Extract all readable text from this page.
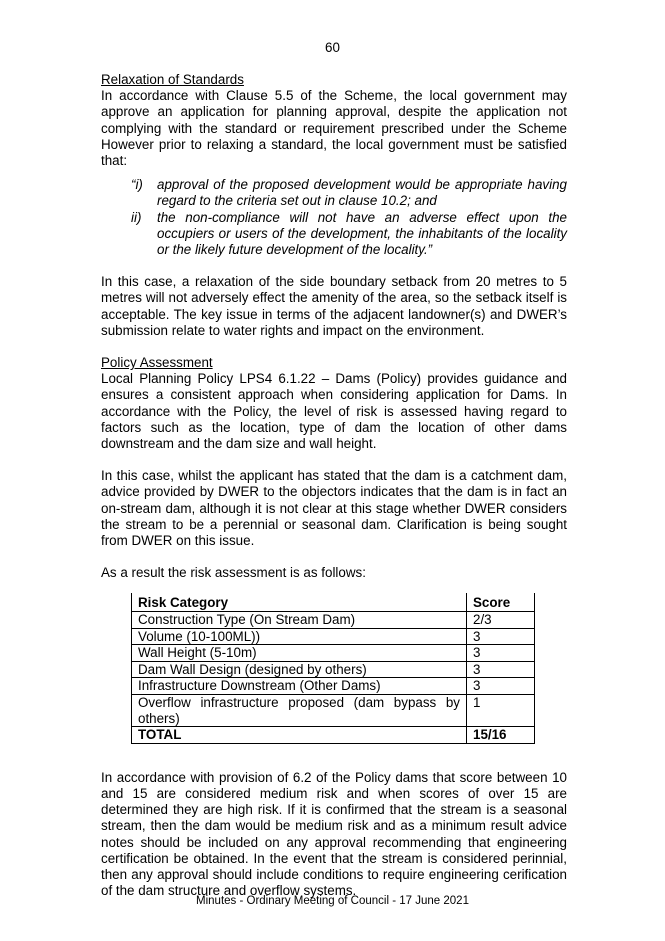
60

Relaxation of Standards

In accordance with Clause 5.5 of the Scheme, the local government may approve an application for planning approval, despite the application not complying with the standard or requirement prescribed under the Scheme However prior to relaxing a standard, the local government must be satisfied that:

“i) approval of the proposed development would be appropriate having regard to the criteria set out in clause 10.2; and
ii) the non-compliance will not have an adverse effect upon the occupiers or users of the development, the inhabitants of the locality or the likely future development of the locality.”

In this case, a relaxation of the side boundary setback from 20 metres to 5 metres will not adversely effect the amenity of the area, so the setback itself is acceptable. The key issue in terms of the adjacent landowner(s) and DWER’s submission relate to water rights and impact on the environment.

Policy Assessment

Local Planning Policy LPS4 6.1.22 – Dams (Policy) provides guidance and ensures a consistent approach when considering application for Dams. In accordance with the Policy, the level of risk is assessed having regard to factors such as the location, type of dam the location of other dams downstream and the dam size and wall height.

In this case, whilst the applicant has stated that the dam is a catchment dam, advice provided by DWER to the objectors indicates that the dam is in fact an on-stream dam, although it is not clear at this stage whether DWER considers the stream to be a perennial or seasonal dam. Clarification is being sought from DWER on this issue.

As a result the risk assessment is as follows:

Risk Category	Score
Construction Type (On Stream Dam)	2/3
Volume (10-100ML))	3
Wall Height (5-10m)	3
Dam Wall Design (designed by others)	3
Infrastructure Downstream (Other Dams)	3
Overflow infrastructure proposed (dam bypass by others)	1
TOTAL	15/16

In accordance with provision of 6.2 of the Policy dams that score between 10 and 15 are considered medium risk and when scores of over 15 are determined they are high risk. If it is confirmed that the stream is a seasonal stream, then the dam would be medium risk and as a minimum result advice notes should be included on any approval recommending that engineering certification be obtained. In the event that the stream is considered perinnial, then any approval should include conditions to require engineering cerification of the dam structure and overflow systems.

Minutes - Ordinary Meeting of Council - 17 June 2021
